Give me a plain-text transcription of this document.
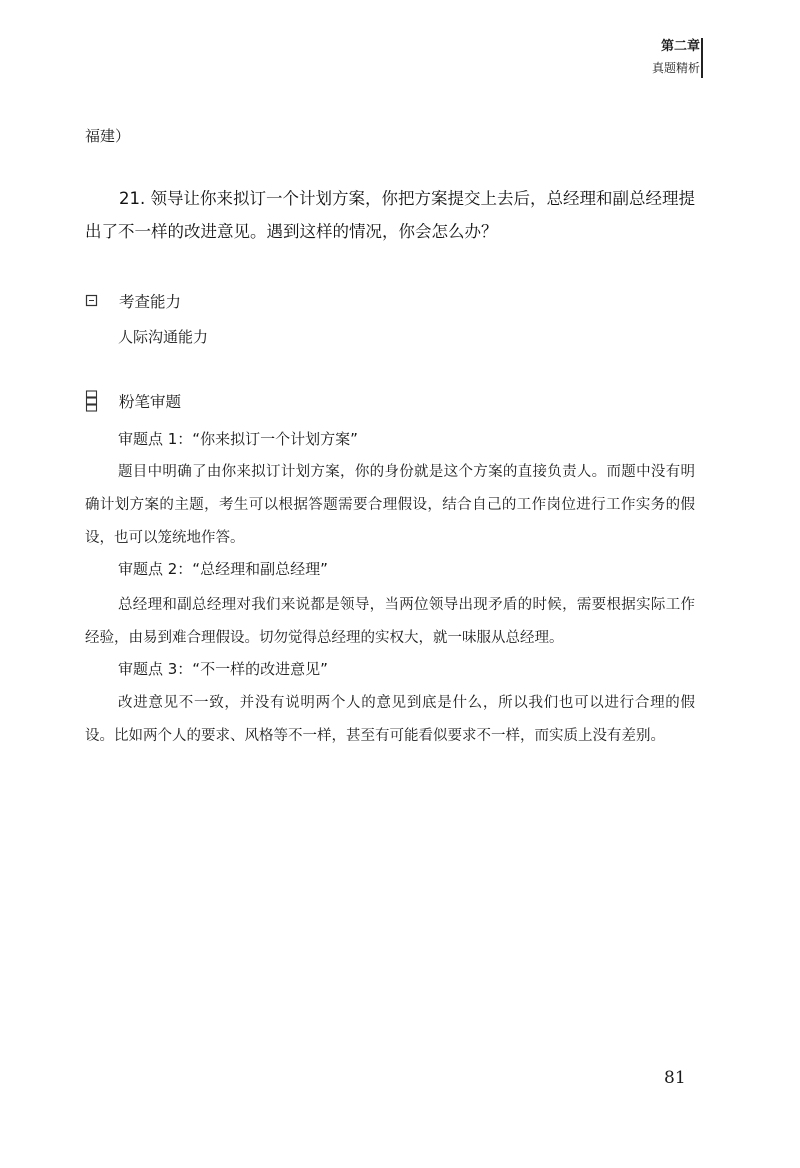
第二章
真题精析
福建）
21. 领导让你来拟订一个计划方案，你把方案提交上去后，总经理和副总经理提出了不一样的改进意见。遇到这样的情况，你会怎么办？
考查能力
人际沟通能力
粉笔审题
审题点 1：“你来拟订一个计划方案”
题目中明确了由你来拟订计划方案，你的身份就是这个方案的直接负责人。而题中没有明确计划方案的主题，考生可以根据答题需要合理假设，结合自己的工作岗位进行工作实务的假设，也可以笼统地作答。
审题点 2：“总经理和副总经理”
总经理和副总经理对我们来说都是领导，当两位领导出现矛盾的时候，需要根据实际工作经验，由易到难合理假设。切勿觉得总经理的实权大，就一味服从总经理。
审题点 3：“不一样的改进意见”
改进意见不一致，并没有说明两个人的意见到底是什么，所以我们也可以进行合理的假设。比如两个人的要求、风格等不一样，甚至有可能看似要求不一样，而实质上没有差别。
81
